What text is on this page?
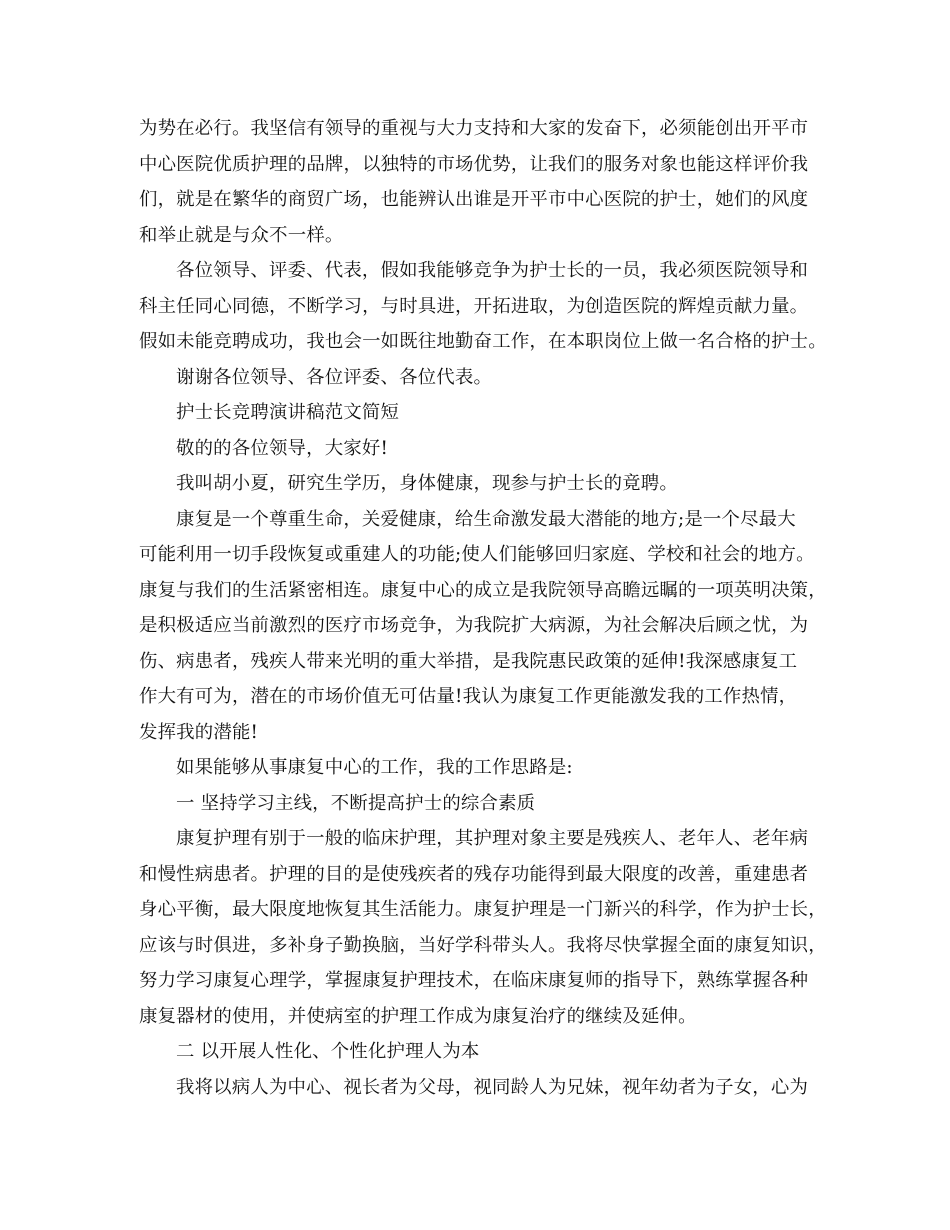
为势在必行。我坚信有领导的重视与大力支持和大家的发奋下，必须能创出开平市
中心医院优质护理的品牌，以独特的市场优势，让我们的服务对象也能这样评价我
们，就是在繁华的商贸广场，也能辨认出谁是开平市中心医院的护士，她们的风度
和举止就是与众不一样。
各位领导、评委、代表，假如我能够竞争为护士长的一员，我必须医院领导和
科主任同心同德，不断学习，与时具进，开拓进取，为创造医院的辉煌贡献力量。
假如未能竞聘成功，我也会一如既往地勤奋工作，在本职岗位上做一名合格的护士。
谢谢各位领导、各位评委、各位代表。
护士长竞聘演讲稿范文简短
敬的的各位领导，大家好!
我叫胡小夏，研究生学历，身体健康，现参与护士长的竟聘。
康复是一个尊重生命，关爱健康，给生命激发最大潜能的地方;是一个尽最大
可能利用一切手段恢复或重建人的功能;使人们能够回归家庭、学校和社会的地方。
康复与我们的生活紧密相连。康复中心的成立是我院领导高瞻远瞩的一项英明决策，
是积极适应当前激烈的医疗市场竞争，为我院扩大病源，为社会解决后顾之忧，为
伤、病患者，残疾人带来光明的重大举措，是我院惠民政策的延伸!我深感康复工
作大有可为，潜在的市场价值无可估量!我认为康复工作更能激发我的工作热情，
发挥我的潜能!
如果能够从事康复中心的工作，我的工作思路是:
一 坚持学习主线，不断提高护士的综合素质
康复护理有别于一般的临床护理，其护理对象主要是残疾人、老年人、老年病
和慢性病患者。护理的目的是使残疾者的残存功能得到最大限度的改善，重建患者
身心平衡，最大限度地恢复其生活能力。康复护理是一门新兴的科学，作为护士长，
应该与时俱进，多补身子勤换脑，当好学科带头人。我将尽快掌握全面的康复知识，
努力学习康复心理学，掌握康复护理技术，在临床康复师的指导下，熟练掌握各种
康复器材的使用，并使病室的护理工作成为康复治疗的继续及延伸。
二 以开展人性化、个性化护理人为本
我将以病人为中心、视长者为父母，视同龄人为兄妹，视年幼者为子女，心为
